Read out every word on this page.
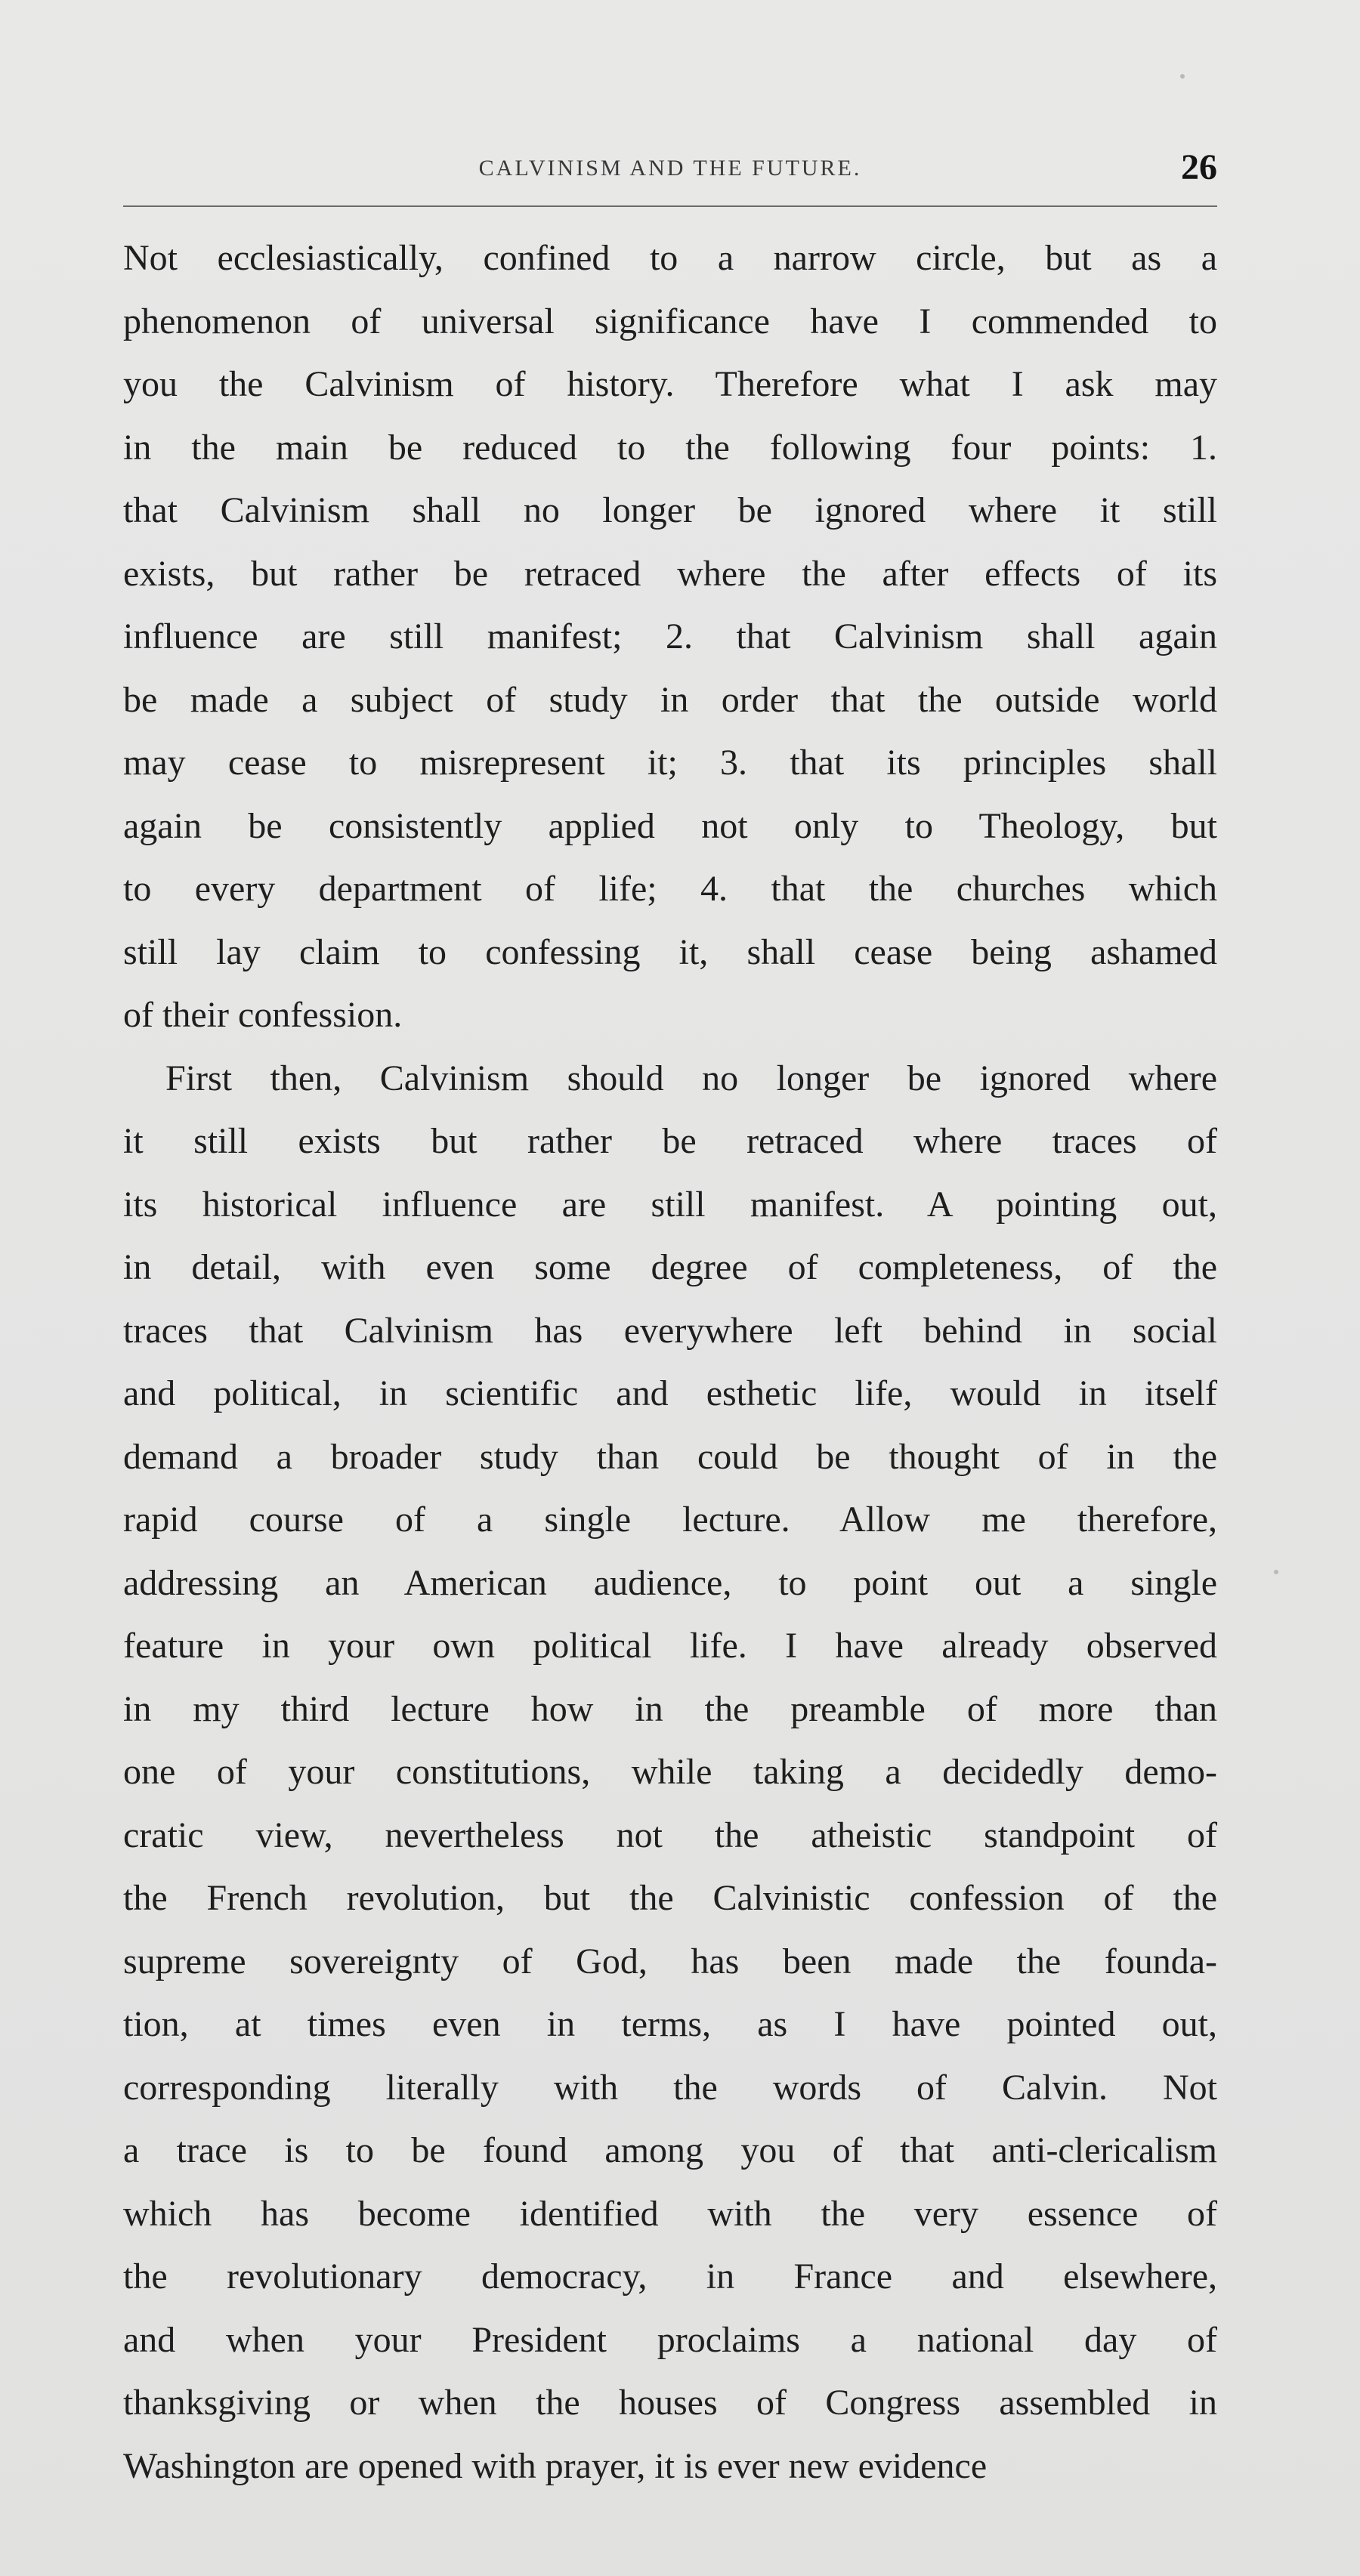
CALVINISM AND THE FUTURE.	26
Not ecclesiastically, confined to a narrow circle, but as a
phenomenon of universal significance have I commended to
you the Calvinism of history. Therefore what I ask may
in the main be reduced to the following four points: 1.
that Calvinism shall no longer be ignored where it still
exists, but rather be retraced where the after effects of its
influence are still manifest; 2. that Calvinism shall again
be made a subject of study in order that the outside world
may cease to misrepresent it; 3. that its principles shall
again be consistently applied not only to Theology, but
to every department of life; 4. that the churches which
still lay claim to confessing it, shall cease being ashamed
of their confession.
First then, Calvinism should no longer be ignored where
it still exists but rather be retraced where traces of
its historical influence are still manifest. A pointing out,
in detail, with even some degree of completeness, of the
traces that Calvinism has everywhere left behind in social
and political, in scientific and esthetic life, would in itself
demand a broader study than could be thought of in the
rapid course of a single lecture. Allow me therefore,
addressing an American audience, to point out a single
feature in your own political life. I have already observed
in my third lecture how in the preamble of more than
one of your constitutions, while taking a decidedly demo-
cratic view, nevertheless not the atheistic standpoint of
the French revolution, but the Calvinistic confession of the
supreme sovereignty of God, has been made the founda-
tion, at times even in terms, as I have pointed out,
corresponding literally with the words of Calvin. Not
a trace is to be found among you of that anti-clericalism
which has become identified with the very essence of
the revolutionary democracy, in France and elsewhere,
and when your President proclaims a national day of
thanksgiving or when the houses of Congress assembled in
Washington are opened with prayer, it is ever new evidence
